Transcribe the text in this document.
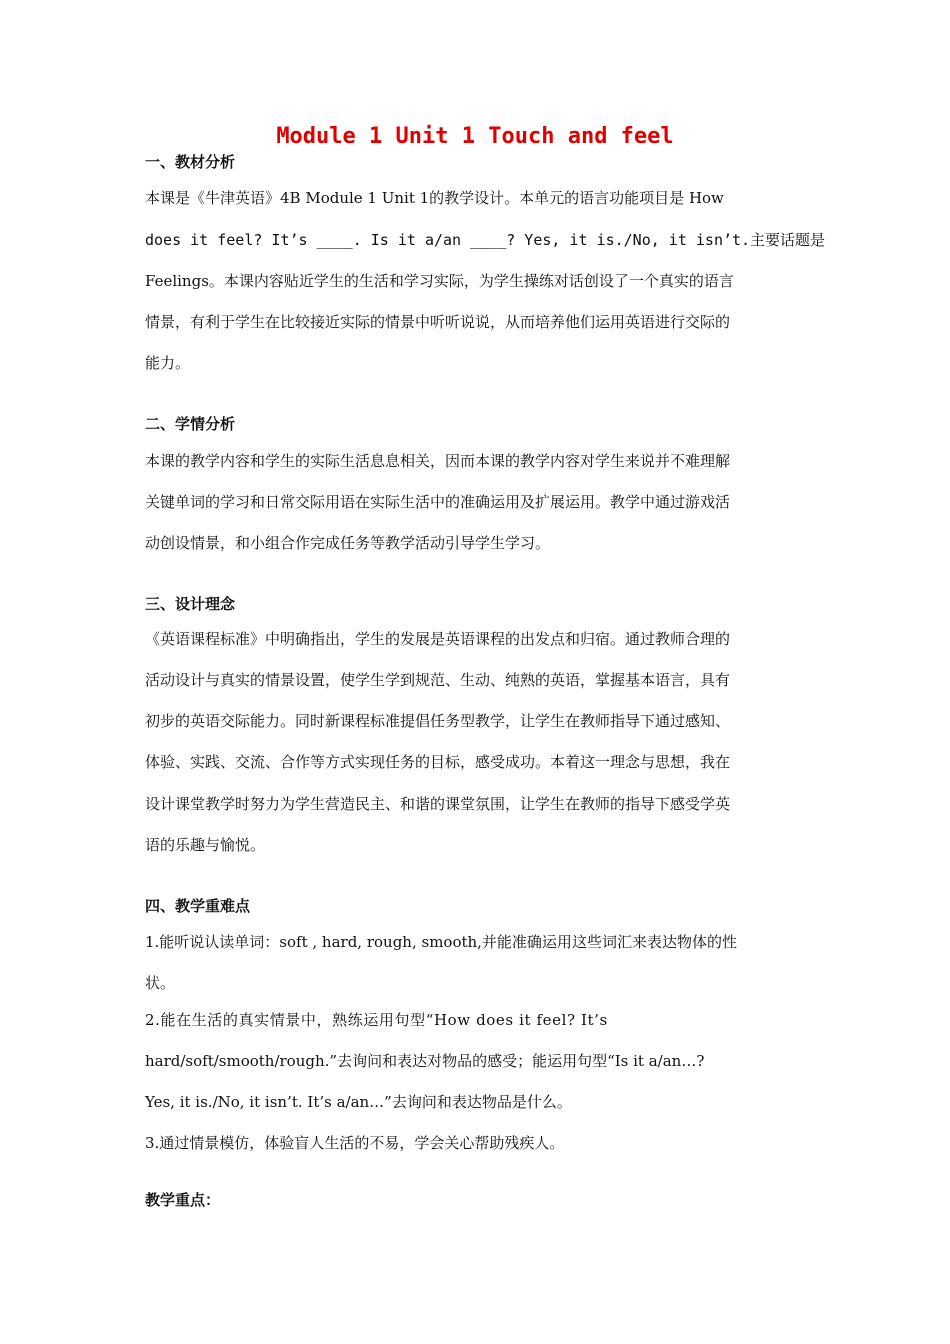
Module 1 Unit 1 Touch and feel
一、教材分析
本课是《牛津英语》4B Module 1 Unit 1的教学设计。本单元的语言功能项目是 How
does it feel? It’s ____. Is it a/an ____? Yes, it is./No, it isn’t.主要话题是
Feelings。本课内容贴近学生的生活和学习实际，为学生操练对话创设了一个真实的语言
情景，有利于学生在比较接近实际的情景中听听说说，从而培养他们运用英语进行交际的
能力。
二、学情分析
本课的教学内容和学生的实际生活息息相关，因而本课的教学内容对学生来说并不难理解
关键单词的学习和日常交际用语在实际生活中的准确运用及扩展运用。教学中通过游戏活
动创设情景，和小组合作完成任务等教学活动引导学生学习。
三、设计理念
《英语课程标准》中明确指出，学生的发展是英语课程的出发点和归宿。通过教师合理的
活动设计与真实的情景设置，使学生学到规范、生动、纯熟的英语，掌握基本语言，具有
初步的英语交际能力。同时新课程标准提倡任务型教学，让学生在教师指导下通过感知、
体验、实践、交流、合作等方式实现任务的目标，感受成功。本着这一理念与思想，我在
设计课堂教学时努力为学生营造民主、和谐的课堂氛围，让学生在教师的指导下感受学英
语的乐趣与愉悦。
四、教学重难点
1.能听说认读单词：soft , hard, rough, smooth,并能准确运用这些词汇来表达物体的性
状。
2.能在生活的真实情景中，熟练运用句型“How does it feel? It’s
hard/soft/smooth/rough.”去询问和表达对物品的感受；能运用句型“Is it a/an…?
Yes, it is./No, it isn’t. It’s a/an…”去询问和表达物品是什么。
3.通过情景模仿，体验盲人生活的不易，学会关心帮助残疾人。
教学重点：
